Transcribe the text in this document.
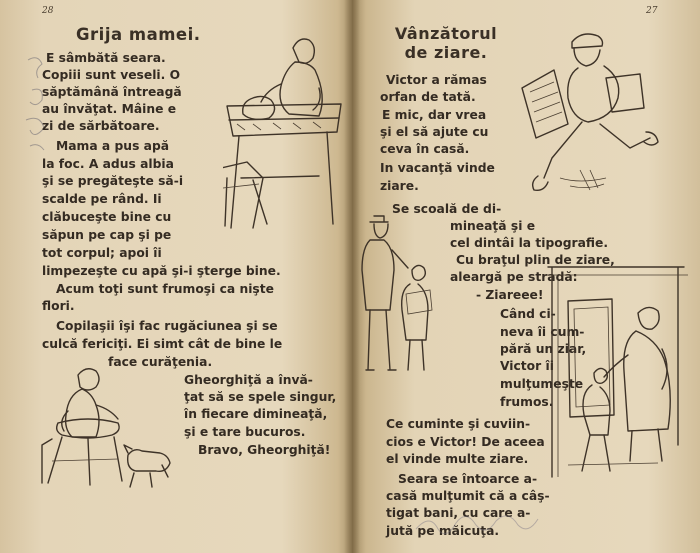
28
Grija mamei.
E sâmbătă seara.
Copiii sunt veseli. O
săptămână întreagă
au învăţat. Mâine e
zi de sărbătoare.
Mama a pus apă
la foc. A adus albia
şi se pregăteşte să-i
scalde pe rând. Ii
clăbuceşte bine cu
săpun pe cap şi pe
tot corpul; apoi îi
limpezeşte cu apă şi-i şterge bine.
Acum toţi sunt frumoşi ca nişte
flori.
Copilaşii îşi fac rugăciunea şi se
culcă fericiţi. Ei simt cât de bine le
face curăţenia.
Gheorghiţă a învă-
ţat să se spele singur,
în fiecare dimineaţă,
şi e tare bucuros.
Bravo, Gheorghiţă!
27
Vânzătorul
de ziare.
Victor a rămas
orfan de tată.
E mic, dar vrea
şi el să ajute cu
ceva în casă.
In vacanţă vinde
ziare.
Se scoală de di-
mineaţă şi e
cel dintâi la tipografie.
Cu braţul plin de ziare,
aleargă pe stradă:
- Ziareee!
Când ci-
neva îi cum-
pără un ziar,
Victor îi
mulţumeşte
frumos.
Ce cuminte şi cuviin-
cios e Victor! De aceea
el vinde multe ziare.
Seara se întoarce a-
casă mulţumit că a câş-
tigat bani, cu care a-
jută pe măicuţa.
